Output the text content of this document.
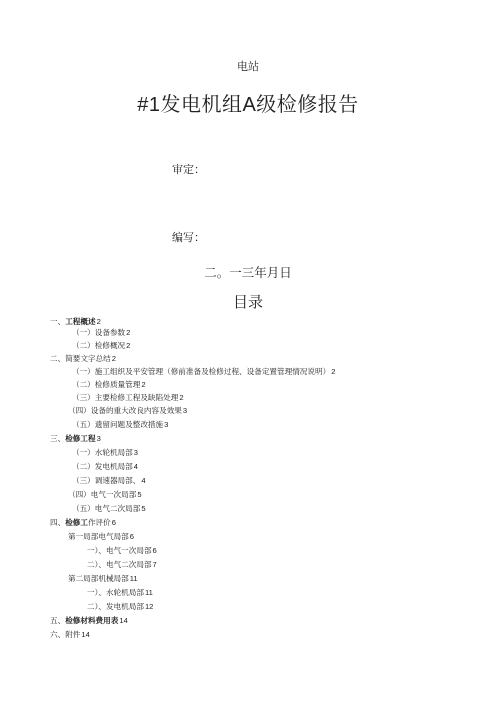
电站
#1发电机组A级检修报告
审定：
编写：
二。一三年月日
目录
一、工程概述2
（一）设备参数2
（二）检修概况2
二、简要文字总结2
（一）施工组织及平安管理（修前准备及检修过程、设备定置管理情况说明）2
（二）检修质量管理2
（三）主要检修工程及缺陷处理2
（四）设备的重大改良内容及效果3
（五）遗留问题及整改措施3
三、检修工程3
（一）水轮机局部3
（二）发电机局部4
（三）调速器局部、4
（四）电气一次局部5
（五）电气二次局部5
四、检修工作评价6
第一局部电气局部6
一）、电气一次局部6
二）、电气二次局部7
第二局部机械局部11
一）、水轮机局部11
二）、发电机局部12
五、检修材料费用表14
六、附件14
